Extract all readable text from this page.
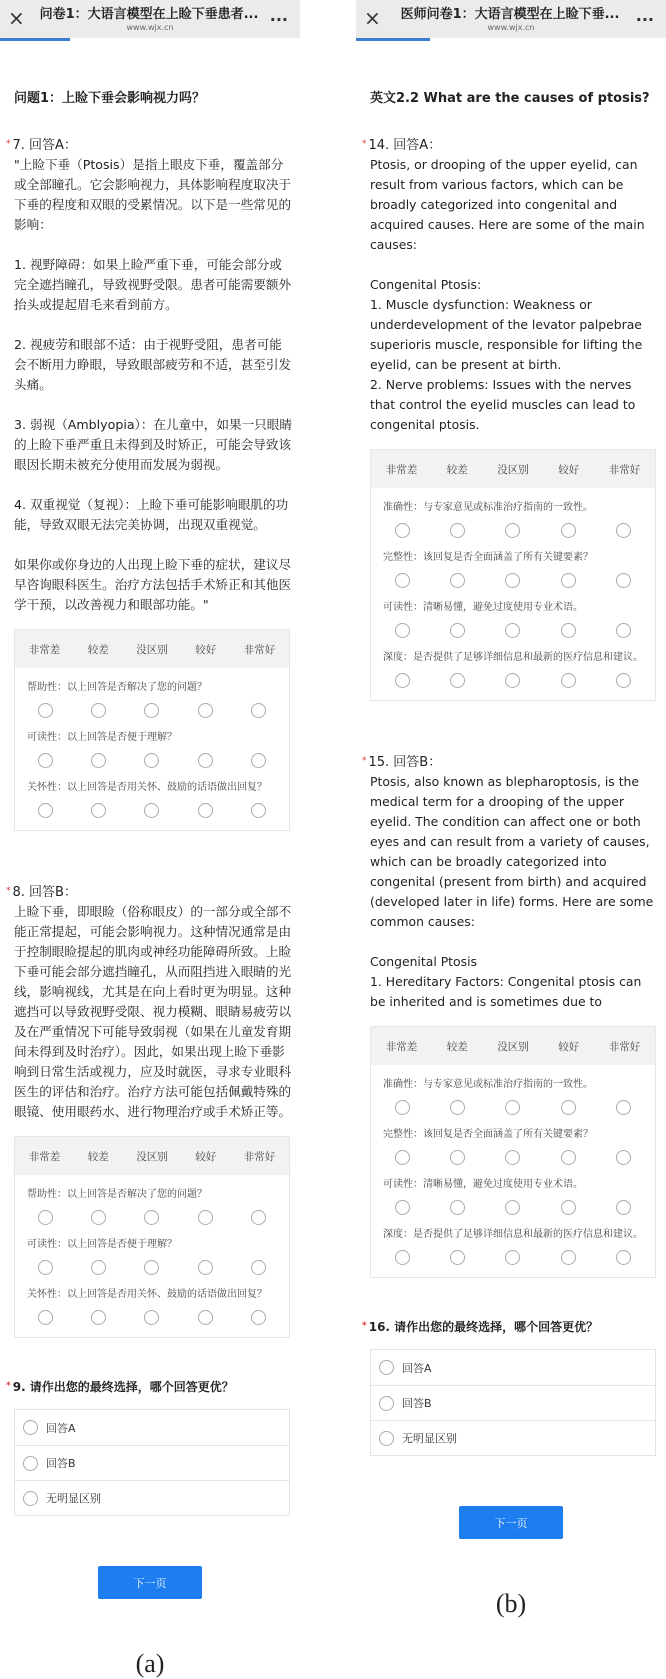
×	问卷1：大语言模型在上睑下垂患者...
www.wjx.cn
...
问题1：上睑下垂会影响视力吗？
* 7. 回答A：
"上睑下垂（Ptosis）是指上眼皮下垂，覆盖部分或全部瞳孔。它会影响视力，具体影响程度取决于下垂的程度和双眼的受累情况。以下是一些常见的影响：

1. 视野障碍：如果上睑严重下垂，可能会部分或完全遮挡瞳孔，导致视野受限。患者可能需要额外抬头或提起眉毛来看到前方。

2. 视疲劳和眼部不适：由于视野受阻，患者可能会不断用力睁眼，导致眼部疲劳和不适，甚至引发头痛。

3. 弱视（Amblyopia）：在儿童中，如果一只眼睛的上睑下垂严重且未得到及时矫正，可能会导致该眼因长期未被充分使用而发展为弱视。

4. 双重视觉（复视）：上睑下垂可能影响眼肌的功能，导致双眼无法完美协调，出现双重视觉。

如果你或你身边的人出现上睑下垂的症状，建议尽早咨询眼科医生。治疗方法包括手术矫正和其他医学干预，以改善视力和眼部功能。"
非常差	较差	没区别	较好	非常好
帮助性：以上回答是否解决了您的问题？
可读性：以上回答是否便于理解？
关怀性：以上回答是否用关怀、鼓励的话语做出回复？
* 8. 回答B：
上睑下垂，即眼睑（俗称眼皮）的一部分或全部不能正常提起，可能会影响视力。这种情况通常是由于控制眼睑提起的肌肉或神经功能障碍所致。上睑下垂可能会部分遮挡瞳孔，从而阻挡进入眼睛的光线，影响视线，尤其是在向上看时更为明显。这种遮挡可以导致视野受限、视力模糊、眼睛易疲劳以及在严重情况下可能导致弱视（如果在儿童发育期间未得到及时治疗）。因此，如果出现上睑下垂影响到日常生活或视力，应及时就医，寻求专业眼科医生的评估和治疗。治疗方法可能包括佩戴特殊的眼镜、使用眼药水、进行物理治疗或手术矫正等。
非常差	较差	没区别	较好	非常好
帮助性：以上回答是否解决了您的问题？
可读性：以上回答是否便于理解？
关怀性：以上回答是否用关怀、鼓励的话语做出回复？
* 9. 请作出您的最终选择，哪个回答更优？
回答A
回答B
无明显区别
下一页
(a)
×	医师问卷1：大语言模型在上睑下垂...
www.wjx.cn
...
英文2.2 What are the causes of ptosis?
* 14. 回答A：
Ptosis, or drooping of the upper eyelid, can result from various factors, which can be broadly categorized into congenital and acquired causes. Here are some of the main causes:

Congenital Ptosis:
1. Muscle dysfunction: Weakness or underdevelopment of the levator palpebrae superioris muscle, responsible for lifting the eyelid, can be present at birth.
2. Nerve problems: Issues with the nerves that control the eyelid muscles can lead to congenital ptosis.
非常差	较差	没区别	较好	非常好
准确性：与专家意见或标准治疗指南的一致性。
完整性：该回复是否全面涵盖了所有关键要素？
可读性：清晰易懂，避免过度使用专业术语。
深度：是否提供了足够详细信息和最新的医疗信息和建议。
* 15. 回答B：
Ptosis, also known as blepharoptosis, is the medical term for a drooping of the upper eyelid. The condition can affect one or both eyes and can result from a variety of causes, which can be broadly categorized into congenital (present from birth) and acquired (developed later in life) forms. Here are some common causes:

Congenital Ptosis
1. Hereditary Factors: Congenital ptosis can be inherited and is sometimes due to
非常差	较差	没区别	较好	非常好
准确性：与专家意见或标准治疗指南的一致性。
完整性：该回复是否全面涵盖了所有关键要素？
可读性：清晰易懂，避免过度使用专业术语。
深度：是否提供了足够详细信息和最新的医疗信息和建议。
* 16. 请作出您的最终选择，哪个回答更优？
回答A
回答B
无明显区别
下一页
(b)
